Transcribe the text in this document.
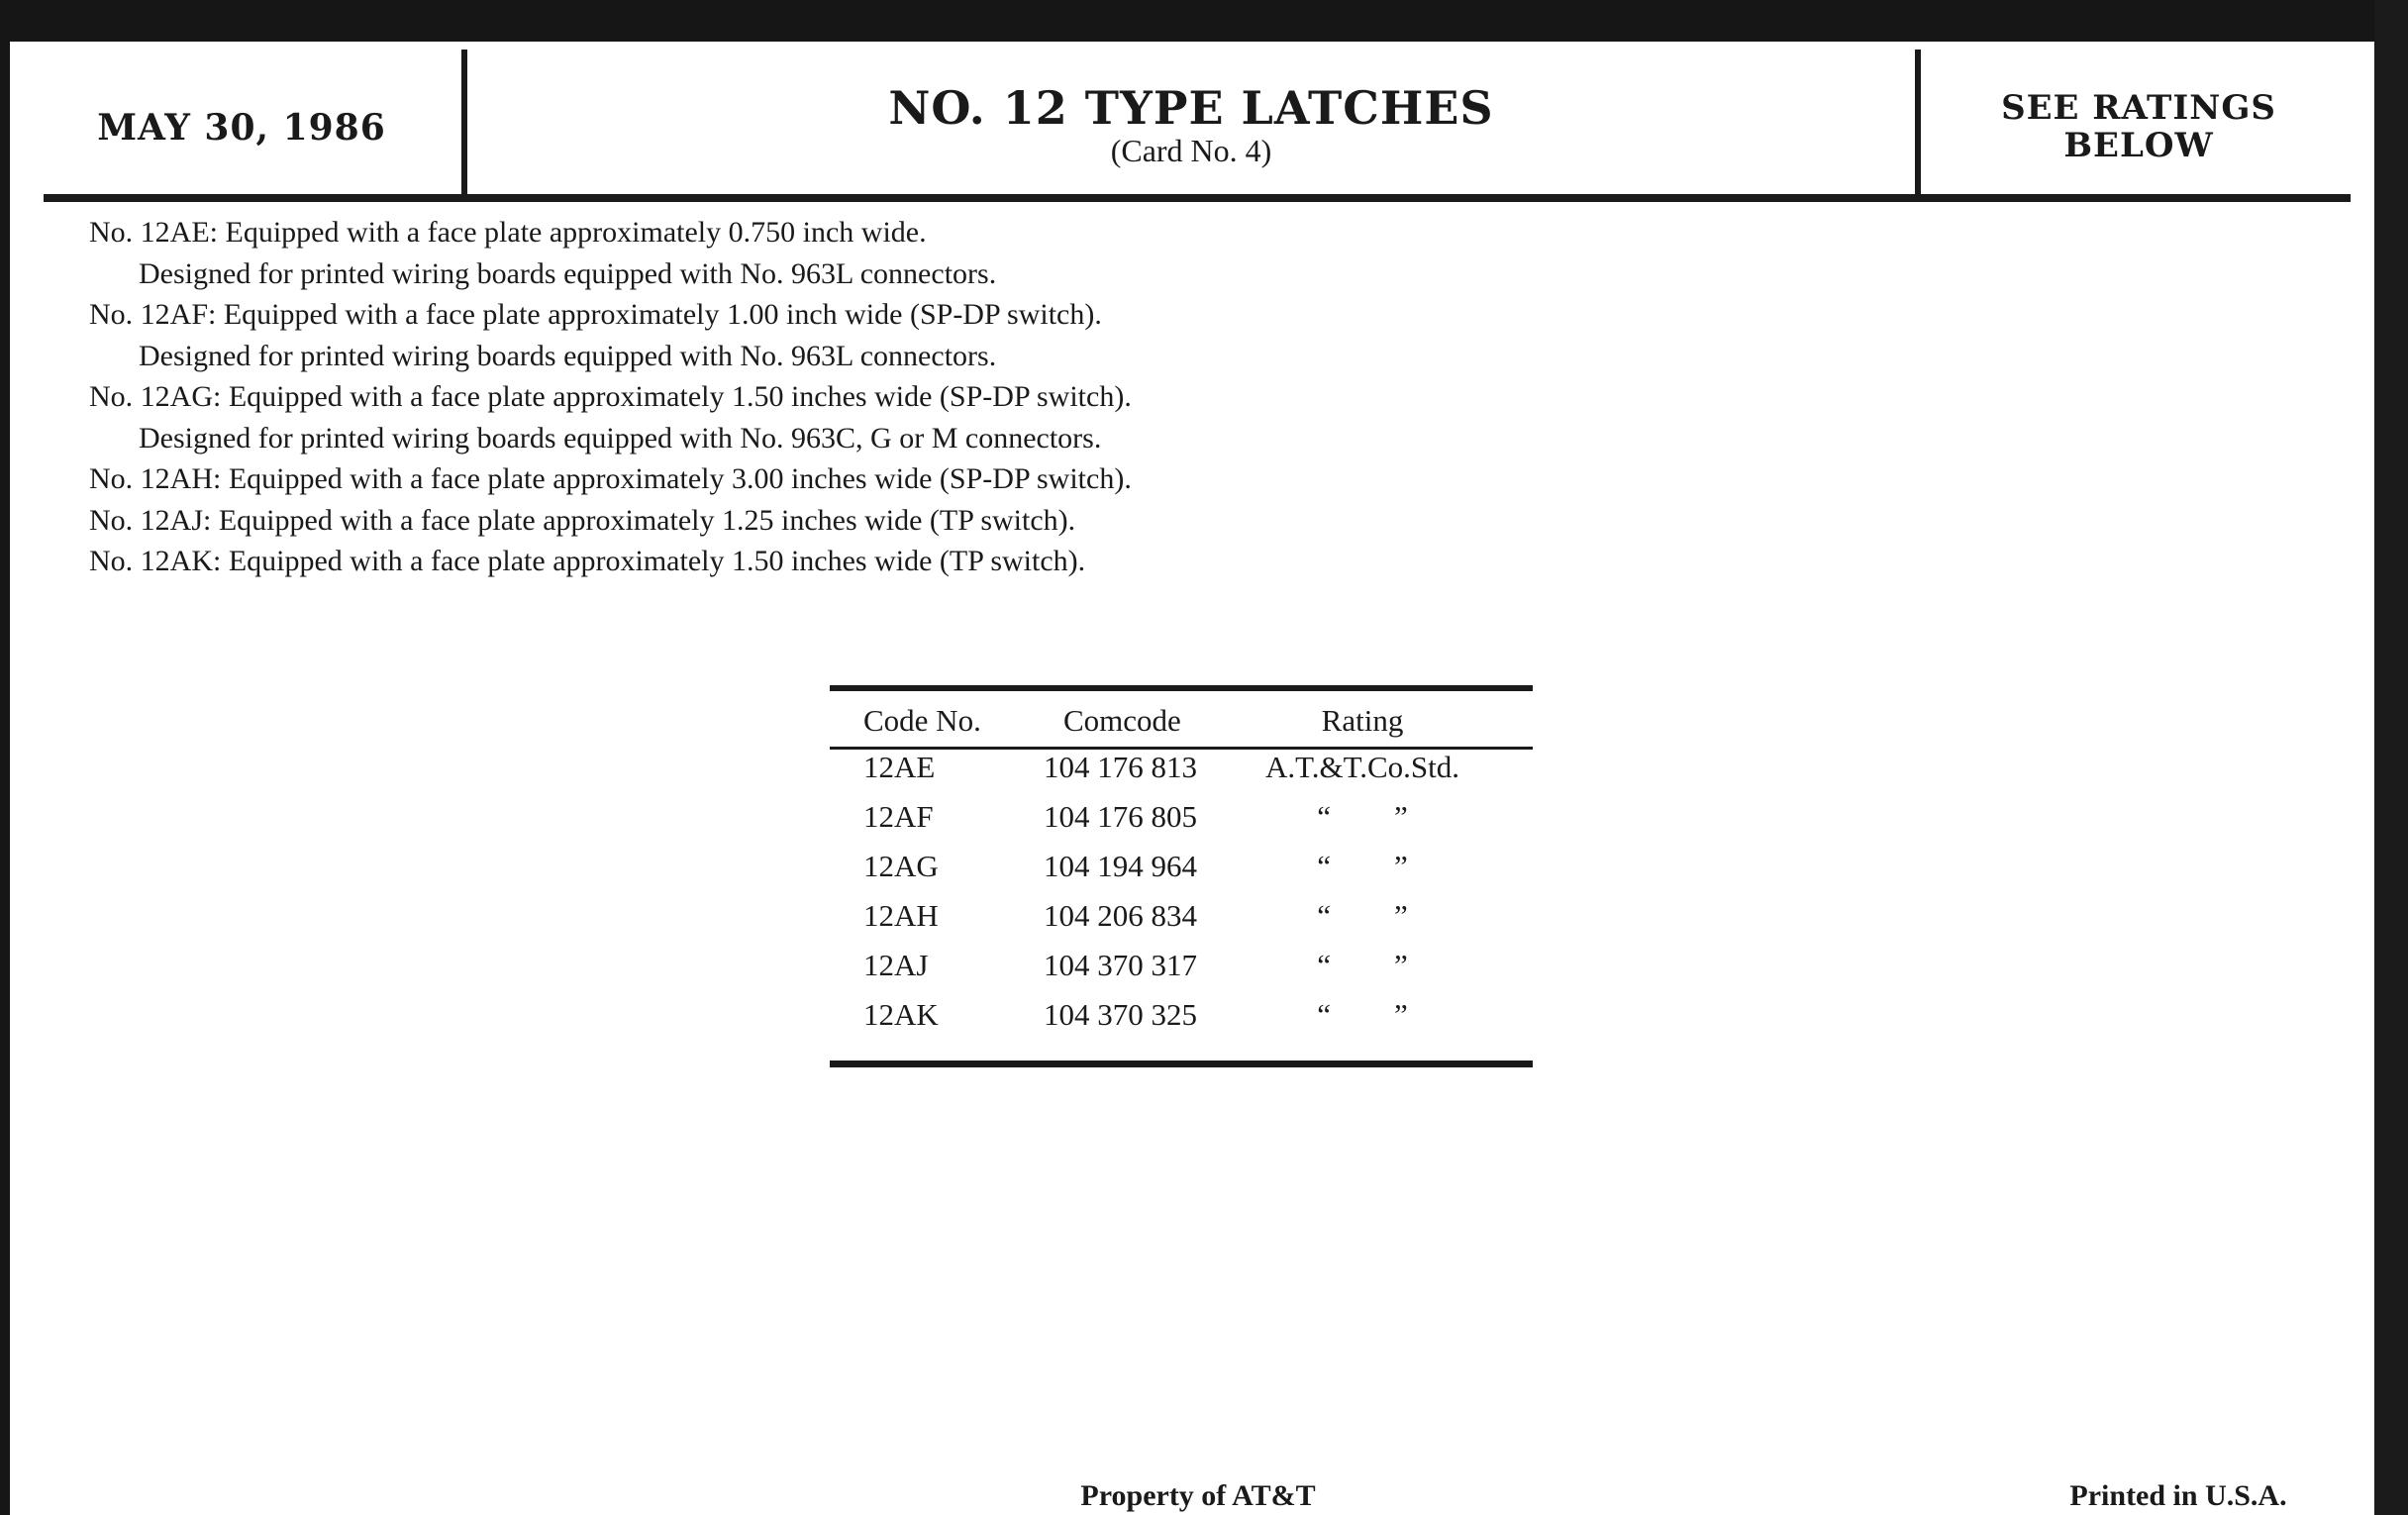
MAY 30, 1986	NO. 12 TYPE LATCHES
(Card No. 4)
SEE RATINGS
BELOW
No. 12AE: Equipped with a face plate approximately 0.750 inch wide.
Designed for printed wiring boards equipped with No. 963L connectors.
No. 12AF: Equipped with a face plate approximately 1.00 inch wide (SP-DP switch).
Designed for printed wiring boards equipped with No. 963L connectors.
No. 12AG: Equipped with a face plate approximately 1.50 inches wide (SP-DP switch).
Designed for printed wiring boards equipped with No. 963C, G or M connectors.
No. 12AH: Equipped with a face plate approximately 3.00 inches wide (SP-DP switch).
No. 12AJ: Equipped with a face plate approximately 1.25 inches wide (TP switch).
No. 12AK: Equipped with a face plate approximately 1.50 inches wide (TP switch).
Code No.	Comcode	Rating
12AE	104 176 813	A.T.&T.Co.Std.
12AF	104 176 805	“ ”
12AG	104 194 964	“ ”
12AH	104 206 834	“ ”
12AJ	104 370 317	“ ”
12AK	104 370 325	“ ”
Property of AT&T	Printed in U.S.A.
